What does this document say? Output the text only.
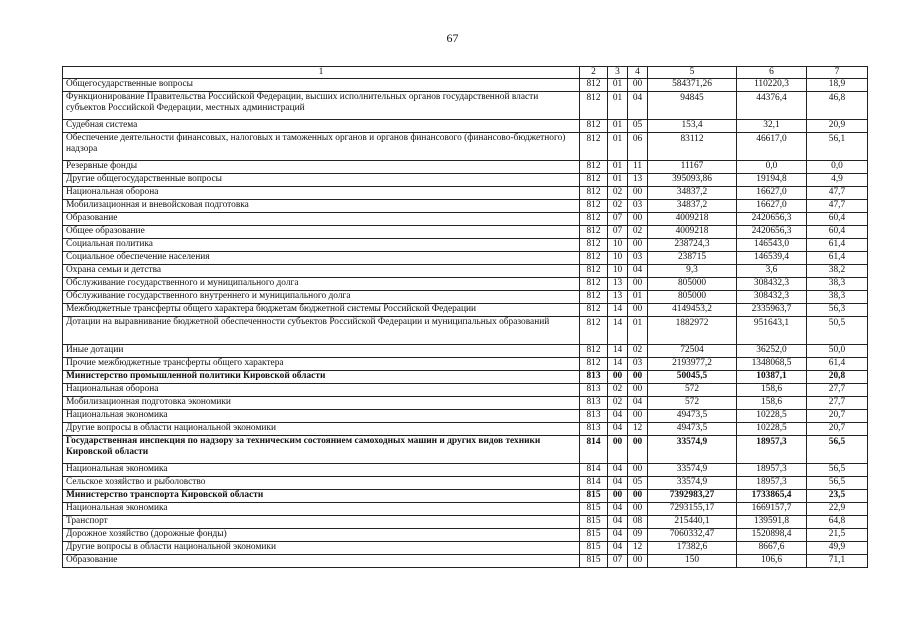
67
1	2	3	4	5	6	7
Общегосударственные вопросы	812	01	00	584371,26	110220,3	18,9
Функционирование Правительства Российской Федерации, высших исполнительных органов государственной власти субъектов Российской Федерации, местных администраций	812	01	04	94845	44376,4	46,8
Судебная система	812	01	05	153,4	32,1	20,9
Обеспечение деятельности финансовых, налоговых и таможенных органов и органов финансового (финансово-бюджетного) надзора	812	01	06	83112	46617,0	56,1
Резервные фонды	812	01	11	11167	0,0	0,0
Другие общегосударственные вопросы	812	01	13	395093,86	19194,8	4,9
Национальная оборона	812	02	00	34837,2	16627,0	47,7
Мобилизационная и вневойсковая подготовка	812	02	03	34837,2	16627,0	47,7
Образование	812	07	00	4009218	2420656,3	60,4
Общее образование	812	07	02	4009218	2420656,3	60,4
Социальная политика	812	10	00	238724,3	146543,0	61,4
Социальное обеспечение населения	812	10	03	238715	146539,4	61,4
Охрана семьи и детства	812	10	04	9,3	3,6	38,2
Обслуживание государственного и муниципального долга	812	13	00	805000	308432,3	38,3
Обслуживание государственного внутреннего и муниципального долга	812	13	01	805000	308432,3	38,3
Межбюджетные трансферты общего характера бюджетам бюджетной системы Российской Федерации	812	14	00	4149453,2	2335963,7	56,3
Дотации на выравнивание бюджетной обеспеченности субъектов Российской Федерации и муниципальных образований	812	14	01	1882972	951643,1	50,5
Иные дотации	812	14	02	72504	36252,0	50,0
Прочие межбюджетные трансферты общего характера	812	14	03	2193977,2	1348068,5	61,4
Министерство промышленной политики Кировской области	813	00	00	50045,5	10387,1	20,8
Национальная оборона	813	02	00	572	158,6	27,7
Мобилизационная подготовка экономики	813	02	04	572	158,6	27,7
Национальная экономика	813	04	00	49473,5	10228,5	20,7
Другие вопросы в области национальной экономики	813	04	12	49473,5	10228,5	20,7
Государственная инспекция по надзору за техническим состоянием самоходных машин и других видов техники Кировской области	814	00	00	33574,9	18957,3	56,5
Национальная экономика	814	04	00	33574,9	18957,3	56,5
Сельское хозяйство и рыболовство	814	04	05	33574,9	18957,3	56,5
Министерство транспорта Кировской области	815	00	00	7392983,27	1733865,4	23,5
Национальная экономика	815	04	00	7293155,17	1669157,7	22,9
Транспорт	815	04	08	215440,1	139591,8	64,8
Дорожное хозяйство (дорожные фонды)	815	04	09	7060332,47	1520898,4	21,5
Другие вопросы в области национальной экономики	815	04	12	17382,6	8667,6	49,9
Образование	815	07	00	150	106,6	71,1
